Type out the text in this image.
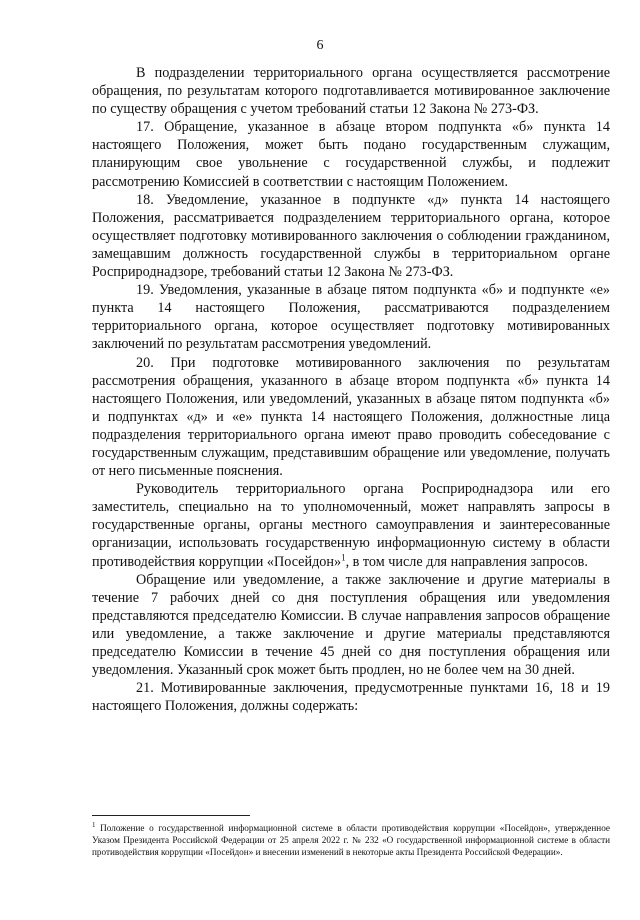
6

В подразделении территориального органа осуществляется рассмотрение обращения, по результатам которого подготавливается мотивированное заключение по существу обращения с учетом требований статьи 12 Закона № 273-ФЗ.

17. Обращение, указанное в абзаце втором подпункта «б» пункта 14 настоящего Положения, может быть подано государственным служащим, планирующим свое увольнение с государственной службы, и подлежит рассмотрению Комиссией в соответствии с настоящим Положением.

18. Уведомление, указанное в подпункте «д» пункта 14 настоящего Положения, рассматривается подразделением территориального органа, которое осуществляет подготовку мотивированного заключения о соблюдении гражданином, замещавшим должность государственной службы в территориальном органе Росприроднадзоре, требований статьи 12 Закона № 273-ФЗ.

19. Уведомления, указанные в абзаце пятом подпункта «б» и подпункте «е» пункта 14 настоящего Положения, рассматриваются подразделением территориального органа, которое осуществляет подготовку мотивированных заключений по результатам рассмотрения уведомлений.

20. При подготовке мотивированного заключения по результатам рассмотрения обращения, указанного в абзаце втором подпункта «б» пункта 14 настоящего Положения, или уведомлений, указанных в абзаце пятом подпункта «б» и подпунктах «д» и «е» пункта 14 настоящего Положения, должностные лица подразделения территориального органа имеют право проводить собеседование с государственным служащим, представившим обращение или уведомление, получать от него письменные пояснения.

Руководитель территориального органа Росприроднадзора или его заместитель, специально на то уполномоченный, может направлять запросы в государственные органы, органы местного самоуправления и заинтересованные организации, использовать государственную информационную систему в области противодействия коррупции «Посейдон»$^1$, в том числе для направления запросов.

Обращение или уведомление, а также заключение и другие материалы в течение 7 рабочих дней со дня поступления обращения или уведомления представляются председателю Комиссии. В случае направления запросов обращение или уведомление, а также заключение и другие материалы представляются председателю Комиссии в течение 45 дней со дня поступления обращения или уведомления. Указанный срок может быть продлен, но не более чем на 30 дней.

21. Мотивированные заключения, предусмотренные пунктами 16, 18 и 19 настоящего Положения, должны содержать:

$^1$ Положение о государственной информационной системе в области противодействия коррупции «Посейдон», утвержденное Указом Президента Российской Федерации от 25 апреля 2022 г. № 232 «О государственной информационной системе в области противодействия коррупции «Посейдон» и внесении изменений в некоторые акты Президента Российской Федерации».
